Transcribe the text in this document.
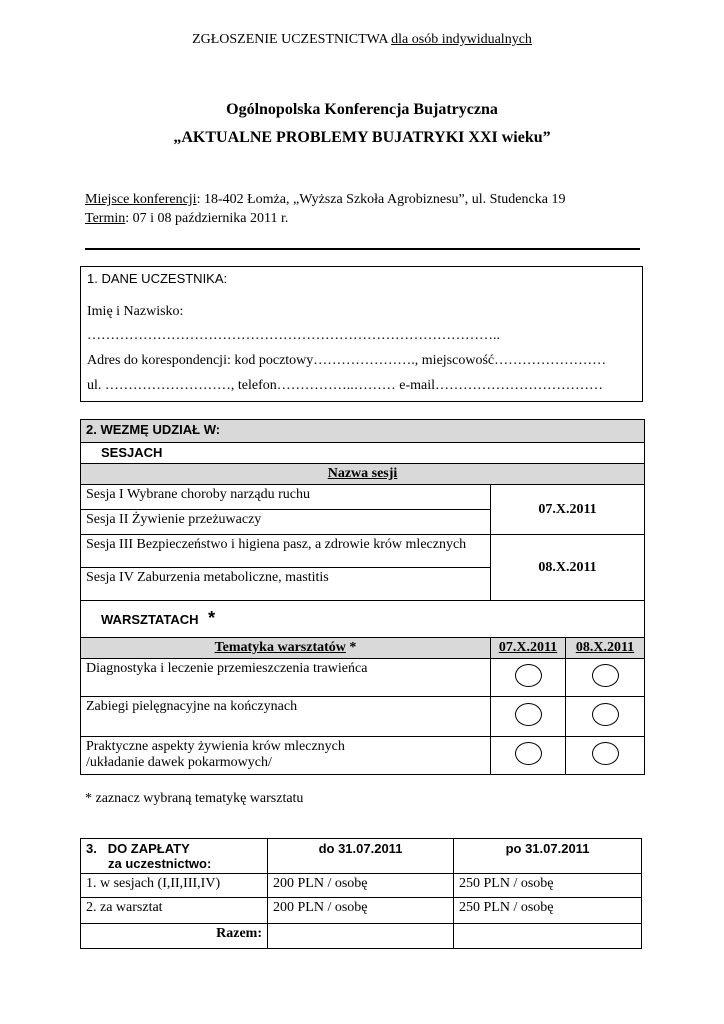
ZGŁOSZENIE UCZESTNICTWA dla osób indywidualnych
Ogólnopolska Konferencja Bujatryczna
„AKTUALNE PROBLEMY BUJATRYKI XXI wieku”
Miejsce konferencji: 18-402 Łomża, „Wyższa Szkoła Agrobiznesu”, ul. Studencka 19
Termin: 07 i 08 października 2011 r.
1. DANE UCZESTNIKA:
Imię i Nazwisko:
……………………………………………………………………………..
Adres do korespondencji: kod pocztowy…………………., miejscowość……………………
ul. ………………………, telefon……………..……… e-mail………………………………
2. WEZMĘ UDZIAŁ W:		
SESJACH		
Nazwa sesji		
Sesja I Wybrane choroby narządu ruchu	07.X.2011	
Sesja II Żywienie przeżuwaczy		
Sesja III Bezpieczeństwo i higiena pasz, a zdrowie krów mlecznych	08.X.2011	
Sesja IV Zaburzenia metaboliczne, mastitis		
WARSZTATACH *		
Tematyka warsztatów *	07.X.2011	08.X.2011
Diagnostyka i leczenie przemieszczenia trawieńca		
Zabiegi pielęgnacyjne na kończynach		

Praktyczne aspekty żywienia krów mlecznych
/układanie dawek pokarmowych/		

* zaznacz wybraną tematykę warsztatu
3. DO ZAPŁATY
za uczestnictwo:	do 31.07.2011	po 31.07.2011
1. w sesjach (I,II,III,IV)	200 PLN / osobę	250 PLN / osobę
2. za warsztat	200 PLN / osobę	250 PLN / osobę
Razem:		
